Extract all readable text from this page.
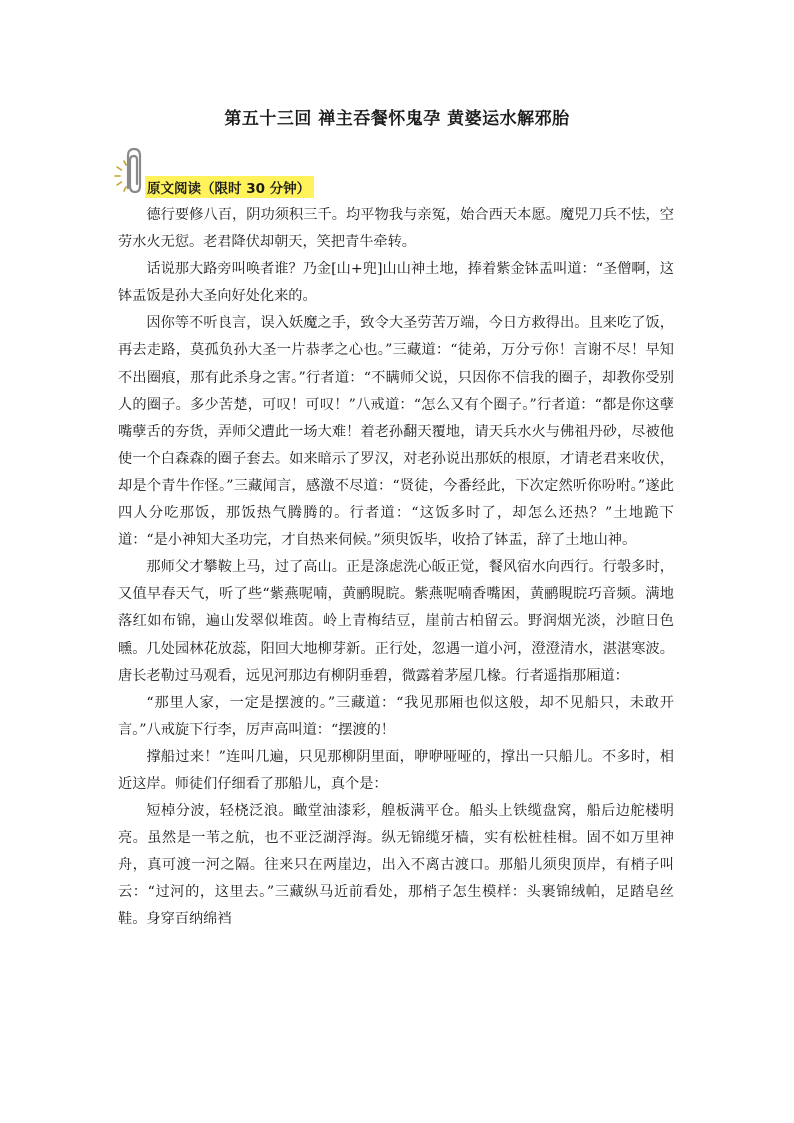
第五十三回 禅主吞餐怀鬼孕 黄婆运水解邪胎
原文阅读（限时 30 分钟）

德行要修八百，阴功须积三千。均平物我与亲冤，始合西天本愿。魔兕刀兵不怯，空劳水火无愆。老君降伏却朝天，笑把青牛牵转。

话说那大路旁叫唤者谁？乃金[山+兜]山山神土地，捧着紫金钵盂叫道：“圣僧啊，这钵盂饭是孙大圣向好处化来的。

因你等不听良言，误入妖魔之手，致令大圣劳苦万端，今日方救得出。且来吃了饭，再去走路，莫孤负孙大圣一片恭孝之心也。”三藏道：“徒弟，万分亏你！言谢不尽！早知不出圈痕，那有此杀身之害。”行者道：“不瞒师父说，只因你不信我的圈子，却教你受别人的圈子。多少苦楚，可叹！可叹！”八戒道：“怎么又有个圈子。”行者道：“都是你这孽嘴孽舌的夯货，弄师父遭此一场大难！着老孙翻天覆地，请天兵水火与佛祖丹砂，尽被他使一个白森森的圈子套去。如来暗示了罗汉，对老孙说出那妖的根原，才请老君来收伏，却是个青牛作怪。”三藏闻言，感激不尽道：“贤徒，今番经此，下次定然听你吩咐。”遂此四人分吃那饭，那饭热气腾腾的。行者道：“这饭多时了，却怎么还热？”土地跪下道：“是小神知大圣功完，才自热来伺候。”须臾饭毕，收拾了钵盂，辞了土地山神。

那师父才攀鞍上马，过了高山。正是涤虑洗心皈正觉，餐风宿水向西行。行彀多时，又值早春天气，听了些“紫燕呢喃，黄鹂睍睆。紫燕呢喃香嘴困，黄鹂睍睆巧音频。满地落红如布锦，遍山发翠似堆茵。岭上青梅结豆，崖前古柏留云。野润烟光淡，沙暄日色曛。几处园林花放蕊，阳回大地柳芽新。正行处，忽遇一道小河，澄澄清水，湛湛寒波。唐长老勒过马观看，远见河那边有柳阴垂碧，微露着茅屋几椽。行者遥指那厢道：

“那里人家，一定是摆渡的。”三藏道：“我见那厢也似这般，却不见船只，未敢开言。”八戒旋下行李，厉声高叫道：“摆渡的！

撑船过来！”连叫几遍，只见那柳阴里面，咿咿哑哑的，撑出一只船儿。不多时，相近这岸。师徒们仔细看了那船儿，真个是：

短棹分波，轻桡泛浪。瞰堂油漆彩，艎板满平仓。船头上铁缆盘窝，船后边舵楼明亮。虽然是一苇之航，也不亚泛湖浮海。纵无锦缆牙樯，实有松桩桂楫。固不如万里神舟，真可渡一河之隔。往来只在两崖边，出入不离古渡口。那船儿须臾顶岸，有梢子叫云：“过河的，这里去。”三藏纵马近前看处，那梢子怎生模样：头裹锦绒帕，足踏皂丝鞋。身穿百纳绵裆
